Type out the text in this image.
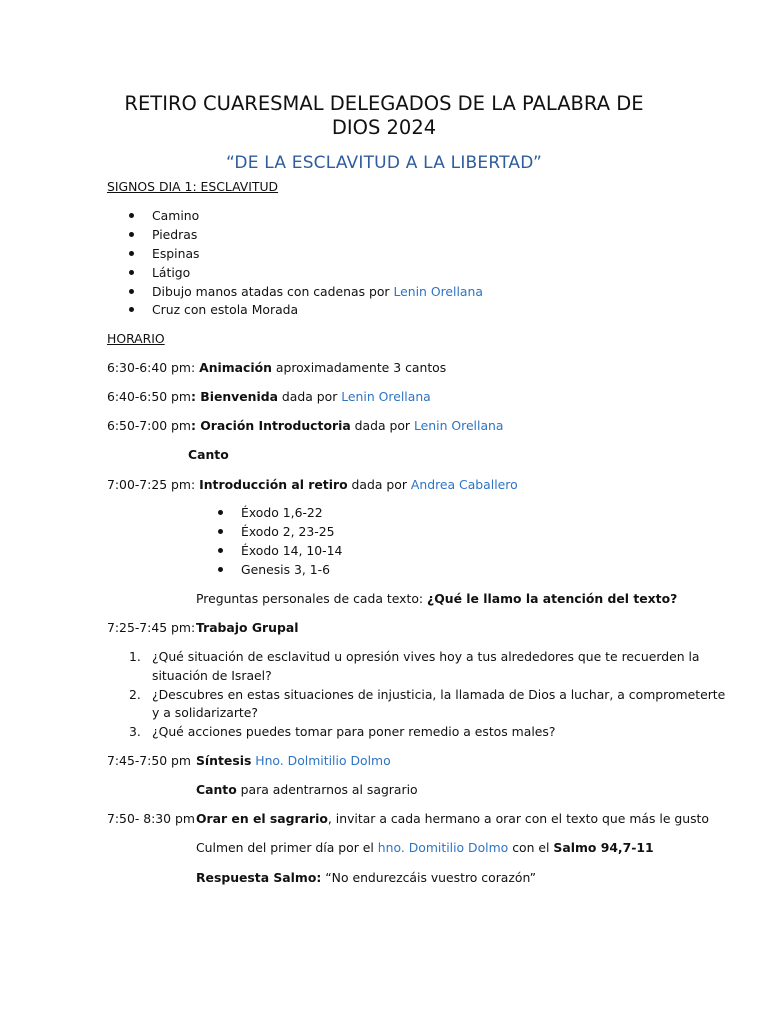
RETIRO CUARESMAL DELEGADOS DE LA PALABRA DE
DIOS 2024
“DE LA ESCLAVITUD A LA LIBERTAD”
SIGNOS DIA 1: ESCLAVITUD
Camino
Piedras
Espinas
Látigo
Dibujo manos atadas con cadenas por Lenin Orellana
Cruz con estola Morada
HORARIO
6:30-6:40 pm: Animación aproximadamente 3 cantos
6:40-6:50 pm: Bienvenida dada por Lenin Orellana
6:50-7:00 pm: Oración Introductoria dada por Lenin Orellana
Canto
7:00-7:25 pm: Introducción al retiro dada por Andrea Caballero
Éxodo 1,6-22
Éxodo 2, 23-25
Éxodo 14, 10-14
Genesis 3, 1-6
Preguntas personales de cada texto: ¿Qué le llamo la atención del texto?
7:25-7:45 pm: Trabajo Grupal
1. ¿Qué situación de esclavitud u opresión vives hoy a tus alrededores que te recuerden la
situación de Israel?
2. ¿Descubres en estas situaciones de injusticia, la llamada de Dios a luchar, a comprometerte
y a solidarizarte?
3. ¿Qué acciones puedes tomar para poner remedio a estos males?
7:45-7:50 pm Síntesis Hno. Dolmitilio Dolmo
Canto para adentrarnos al sagrario
7:50- 8:30 pm Orar en el sagrario, invitar a cada hermano a orar con el texto que más le gusto
Culmen del primer día por el hno. Domitilio Dolmo con el Salmo 94,7-11
Respuesta Salmo: “No endurezcáis vuestro corazón”
